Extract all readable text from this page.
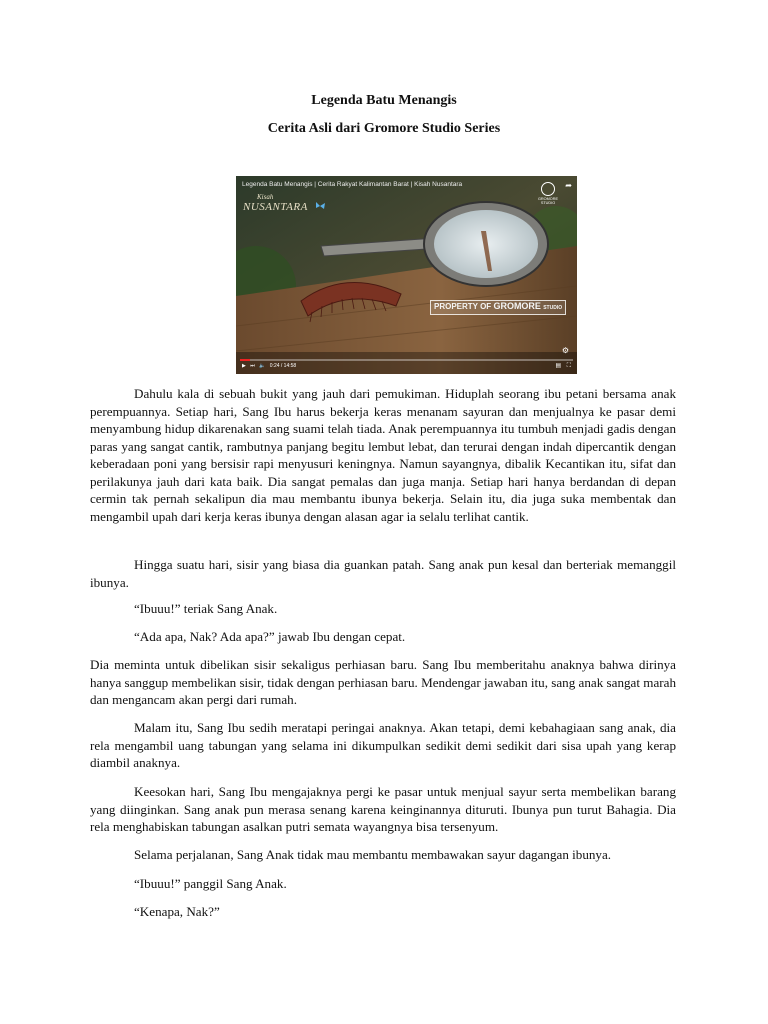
Legenda Batu Menangis

Cerita Asli dari Gromore Studio Series

Legenda Batu Menangis | Cerita Rakyat Kalimantan Barat | Kisah Nusantara
Kisah
NUSANTARA
GROMORE STUDIO
➦
PROPERTY OF GROMORE STUDIO
⚙
▶ ⏭ 🔈 0:24 / 14:58	▤ ⛶

Dahulu kala di sebuah bukit yang jauh dari pemukiman. Hiduplah seorang ibu petani bersama anak perempuannya. Setiap hari, Sang Ibu harus bekerja keras menanam sayuran dan menjualnya ke pasar demi menyambung hidup dikarenakan sang suami telah tiada. Anak perempuannya itu tumbuh menjadi gadis dengan paras yang sangat cantik, rambutnya panjang begitu lembut lebat, dan terurai dengan indah dipercantik dengan keberadaan poni yang bersisir rapi menyusuri keningnya. Namun sayangnya, dibalik Kecantikan itu, sifat dan perilakunya jauh dari kata baik. Dia sangat pemalas dan juga manja. Setiap hari hanya berdandan di depan cermin tak pernah sekalipun dia mau membantu ibunya bekerja. Selain itu, dia juga suka membentak dan mengambil upah dari kerja keras ibunya dengan alasan agar ia selalu terlihat cantik.

Hingga suatu hari, sisir yang biasa dia guankan patah. Sang anak pun kesal dan berteriak memanggil ibunya.

“Ibuuu!” teriak Sang Anak.

“Ada apa, Nak? Ada apa?” jawab Ibu dengan cepat.

Dia meminta untuk dibelikan sisir sekaligus perhiasan baru. Sang Ibu memberitahu anaknya bahwa dirinya hanya sanggup membelikan sisir, tidak dengan perhiasan baru. Mendengar jawaban itu, sang anak sangat marah dan mengancam akan pergi dari rumah.

Malam itu, Sang Ibu sedih meratapi peringai anaknya. Akan tetapi, demi kebahagiaan sang anak, dia rela mengambil uang tabungan yang selama ini dikumpulkan sedikit demi sedikit dari sisa upah yang kerap diambil anaknya.

Keesokan hari, Sang Ibu mengajaknya pergi ke pasar untuk menjual sayur serta membelikan barang yang diinginkan. Sang anak pun merasa senang karena keinginannya dituruti. Ibunya pun turut Bahagia. Dia rela menghabiskan tabungan asalkan putri semata wayangnya bisa tersenyum.

Selama perjalanan, Sang Anak tidak mau membantu membawakan sayur dagangan ibunya.

“Ibuuu!” panggil Sang Anak.

“Kenapa, Nak?”
